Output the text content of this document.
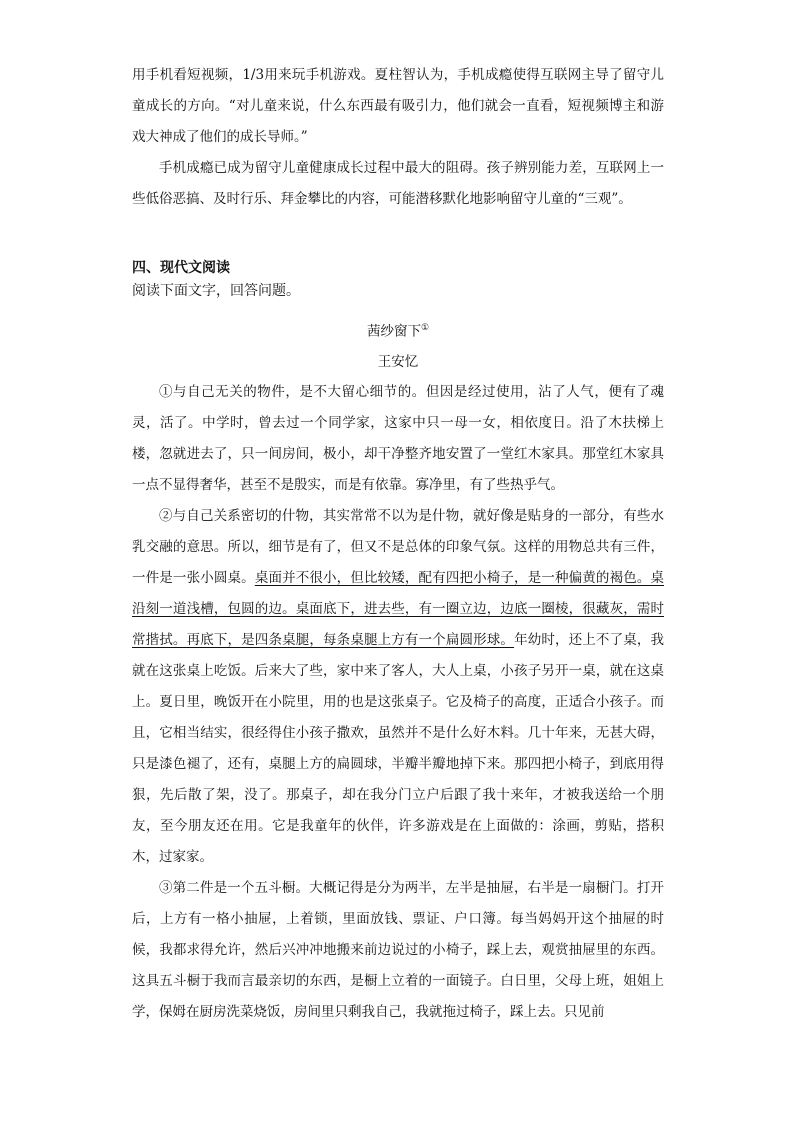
用手机看短视频，1/3用来玩手机游戏。夏柱智认为，手机成瘾使得互联网主导了留守儿童成长的方向。“对儿童来说，什么东西最有吸引力，他们就会一直看，短视频博主和游戏大神成了他们的成长导师。”

手机成瘾已成为留守儿童健康成长过程中最大的阻碍。孩子辨别能力差，互联网上一些低俗恶搞、及时行乐、拜金攀比的内容，可能潜移默化地影响留守儿童的“三观”。

四、现代文阅读
阅读下面文字，回答问题。
茜纱窗下①
王安忆

①与自己无关的物件，是不大留心细节的。但因是经过使用，沾了人气，便有了魂灵，活了。中学时，曾去过一个同学家，这家中只一母一女，相依度日。沿了木扶梯上楼，忽就进去了，只一间房间，极小，却干净整齐地安置了一堂红木家具。那堂红木家具一点不显得奢华，甚至不是殷实，而是有依靠。寡净里，有了些热乎气。

②与自己关系密切的什物，其实常常不以为是什物，就好像是贴身的一部分，有些水乳交融的意思。所以，细节是有了，但又不是总体的印象气氛。这样的用物总共有三件，一件是一张小圆桌。桌面并不很小，但比较矮，配有四把小椅子，是一种偏黄的褐色。桌沿刻一道浅槽，包圆的边。桌面底下，进去些，有一圈立边，边底一圈棱，很藏灰，需时常揩拭。再底下，是四条桌腿，每条桌腿上方有一个扁圆形球。年幼时，还上不了桌，我就在这张桌上吃饭。后来大了些，家中来了客人，大人上桌，小孩子另开一桌，就在这桌上。夏日里，晚饭开在小院里，用的也是这张桌子。它及椅子的高度，正适合小孩子。而且，它相当结实，很经得住小孩子撒欢，虽然并不是什么好木料。几十年来，无甚大碍，只是漆色褪了，还有，桌腿上方的扁圆球，半瓣半瓣地掉下来。那四把小椅子，到底用得狠，先后散了架，没了。那桌子，却在我分门立户后跟了我十来年，才被我送给一个朋友，至今朋友还在用。它是我童年的伙伴，许多游戏是在上面做的：涂画，剪贴，搭积木，过家家。

③第二件是一个五斗橱。大概记得是分为两半，左半是抽屉，右半是一扇橱门。打开后，上方有一格小抽屉，上着锁，里面放钱、票证、户口簿。每当妈妈开这个抽屉的时候，我都求得允许，然后兴冲冲地搬来前边说过的小椅子，踩上去，观赏抽屉里的东西。这具五斗橱于我而言最亲切的东西，是橱上立着的一面镜子。白日里，父母上班，姐姐上学，保姆在厨房洗菜烧饭，房间里只剩我自己，我就拖过椅子，踩上去。只见前
